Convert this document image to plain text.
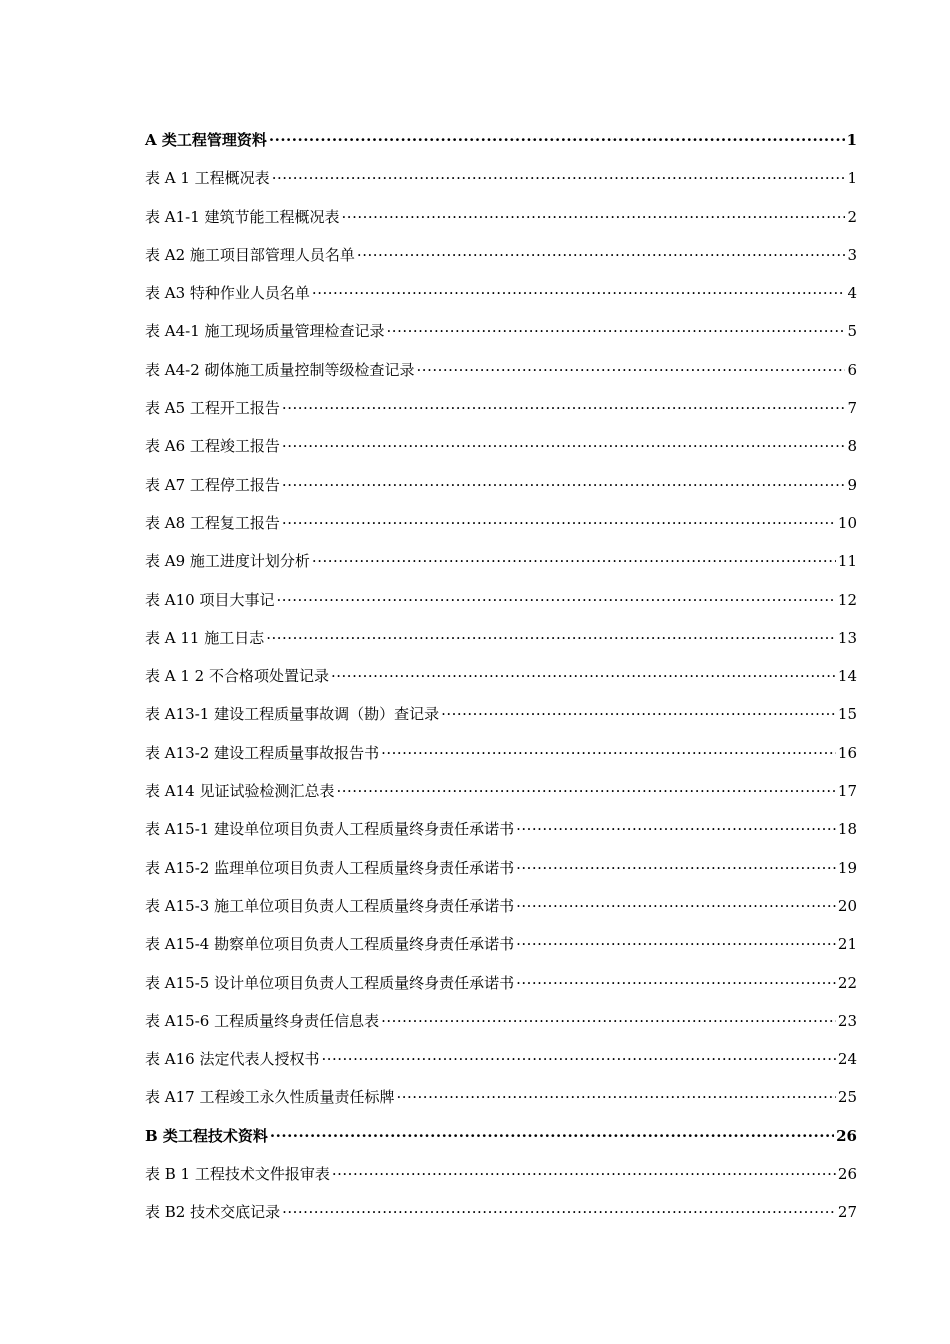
A 类工程管理资料 ·····	1
表 A 1 工程概况表 ·····	1
表 A1-1 建筑节能工程概况表 ·····	2
表 A2 施工项目部管理人员名单 ·····	3
表 A3 特种作业人员名单 ·····	4
表 A4-1 施工现场质量管理检查记录 ·····	5
表 A4-2 砌体施工质量控制等级检查记录 ·····	6
表 A5 工程开工报告 ·····	7
表 A6 工程竣工报告 ·····	8
表 A7 工程停工报告 ·····	9
表 A8 工程复工报告 ·····	10
表 A9 施工进度计划分析 ·····	11
表 A10 项目大事记 ·····	12
表 A 11 施工日志 ·····	13
表 A 1 2 不合格项处置记录 ·····	14
表 A13-1 建设工程质量事故调（勘）查记录 ·····	15
表 A13-2 建设工程质量事故报告书 ·····	16
表 A14 见证试验检测汇总表 ·····	17
表 A15-1 建设单位项目负责人工程质量终身责任承诺书 ·····	18
表 A15-2 监理单位项目负责人工程质量终身责任承诺书 ·····	19
表 A15-3 施工单位项目负责人工程质量终身责任承诺书 ·····	20
表 A15-4 勘察单位项目负责人工程质量终身责任承诺书 ·····	21
表 A15-5 设计单位项目负责人工程质量终身责任承诺书 ·····	22
表 A15-6 工程质量终身责任信息表 ·····	23
表 A16 法定代表人授权书 ·····	24
表 A17 工程竣工永久性质量责任标牌 ·····	25
B 类工程技术资料 ·····	26
表 B 1 工程技术文件报审表 ·····	26
表 B2 技术交底记录 ·····	27
